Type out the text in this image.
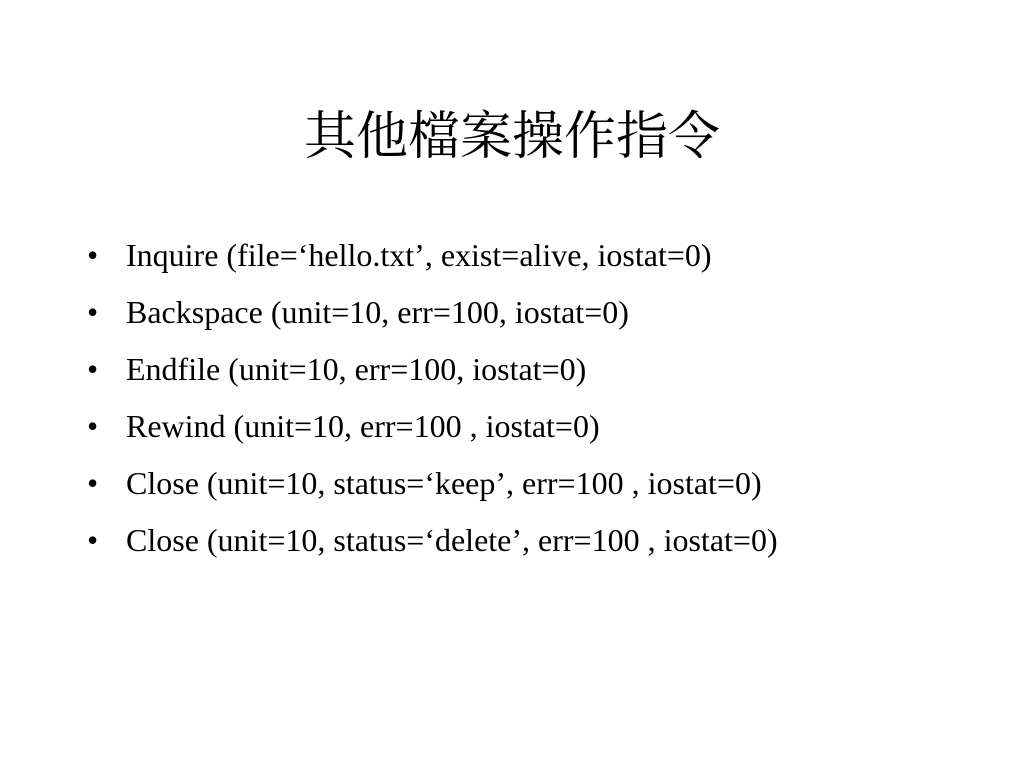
其他檔案操作指令
• Inquire (file=‘hello.txt’, exist=alive, iostat=0)
• Backspace (unit=10, err=100, iostat=0)
• Endfile (unit=10, err=100, iostat=0)
• Rewind (unit=10, err=100 , iostat=0)
• Close (unit=10, status=‘keep’, err=100 , iostat=0)
• Close (unit=10, status=‘delete’, err=100 , iostat=0)
